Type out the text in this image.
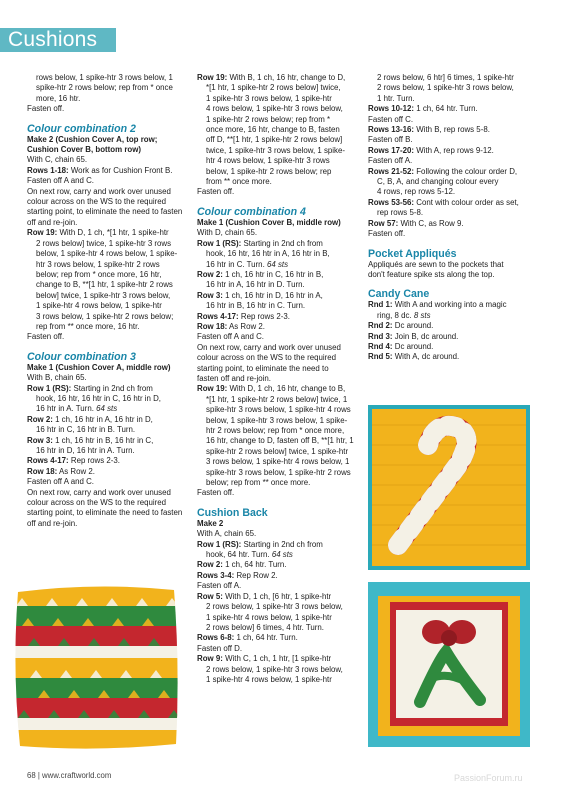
Cushions

rows below, 1 spike-htr 3 rows below, 1

spike-htr 2 rows below; rep from * once

more, 16 htr.

Fasten off.

Colour combination 2

Make 2 (Cushion Cover A, top row;

Cushion Cover B, bottom row)

With C, chain 65.

Rows 1-18: Work as for Cushion Front B.

Fasten off A and C.

On next row, carry and work over unused

colour across on the WS to the required

starting point, to eliminate the need to fasten

off and re-join.

Row 19: With D, 1 ch, *[1 htr, 1 spike-htr

2 rows below] twice, 1 spike-htr 3 rows

below, 1 spike-htr 4 rows below, 1 spike-

htr 3 rows below, 1 spike-htr 2 rows

below; rep from * once more, 16 htr,

change to B, **[1 htr, 1 spike-htr 2 rows

below] twice, 1 spike-htr 3 rows below,

1 spike-htr 4 rows below, 1 spike-htr

3 rows below, 1 spike-htr 2 rows below;

rep from ** once more, 16 htr.

Fasten off.

Colour combination 3

Make 1 (Cushion Cover A, middle row)

With B, chain 65.

Row 1 (RS): Starting in 2nd ch from

hook, 16 htr, 16 htr in C, 16 htr in D,

16 htr in A. Turn. 64 sts

Row 2: 1 ch, 16 htr in A, 16 htr in D,

16 htr in C, 16 htr in B. Turn.

Row 3: 1 ch, 16 htr in B, 16 htr in C,

16 htr in D, 16 htr in A. Turn.

Rows 4-17: Rep rows 2-3.

Row 18: As Row 2.

Fasten off A and C.

On next row, carry and work over unused

colour across on the WS to the required

starting point, to eliminate the need to fasten

off and re-join.

Row 19: With B, 1 ch, 16 htr, change to D,

*[1 htr, 1 spike-htr 2 rows below] twice,

1 spike-htr 3 rows below, 1 spike-htr

4 rows below, 1 spike-htr 3 rows below,

1 spike-htr 2 rows below; rep from *

once more, 16 htr, change to B, fasten

off D, **[1 htr, 1 spike-htr 2 rows below]

twice, 1 spike-htr 3 rows below, 1 spike-

htr 4 rows below, 1 spike-htr 3 rows

below, 1 spike-htr 2 rows below; rep

from ** once more.

Fasten off.

Colour combination 4

Make 1 (Cushion Cover B, middle row)

With D, chain 65.

Row 1 (RS): Starting in 2nd ch from

hook, 16 htr, 16 htr in A, 16 htr in B,

16 htr in C. Turn. 64 sts

Row 2: 1 ch, 16 htr in C, 16 htr in B,

16 htr in A, 16 htr in D. Turn.

Row 3: 1 ch, 16 htr in D, 16 htr in A,

16 htr in B, 16 htr in C. Turn.

Rows 4-17: Rep rows 2-3.

Row 18: As Row 2.

Fasten off A and C.

On next row, carry and work over unused

colour across on the WS to the required

starting point, to eliminate the need to

fasten off and re-join.

Row 19: With D, 1 ch, 16 htr, change to B,

*[1 htr, 1 spike-htr 2 rows below] twice, 1

spike-htr 3 rows below, 1 spike-htr 4 rows

below, 1 spike-htr 3 rows below, 1 spike-

htr 2 rows below; rep from * once more,

16 htr, change to D, fasten off B, **[1 htr, 1

spike-htr 2 rows below] twice, 1 spike-htr

3 rows below, 1 spike-htr 4 rows below, 1

spike-htr 3 rows below, 1 spike-htr 2 rows

below; rep from ** once more.

Fasten off.

Cushion Back

Make 2

With A, chain 65.

Row 1 (RS): Starting in 2nd ch from

hook, 64 htr. Turn. 64 sts

Row 2: 1 ch, 64 htr. Turn.

Rows 3-4: Rep Row 2.

Fasten off A.

Row 5: With D, 1 ch, [6 htr, 1 spike-htr

2 rows below, 1 spike-htr 3 rows below,

1 spike-htr 4 rows below, 1 spike-htr

2 rows below] 6 times, 4 htr. Turn.

Rows 6-8: 1 ch, 64 htr. Turn.

Fasten off D.

Row 9: With C, 1 ch, 1 htr, [1 spike-htr

2 rows below, 1 spike-htr 3 rows below,

1 spike-htr 4 rows below, 1 spike-htr

2 rows below, 6 htr] 6 times, 1 spike-htr

2 rows below, 1 spike-htr 3 rows below,

1 htr. Turn.

Rows 10-12: 1 ch, 64 htr. Turn.

Fasten off C.

Rows 13-16: With B, rep rows 5-8.

Fasten off B.

Rows 17-20: With A, rep rows 9-12.

Fasten off A.

Rows 21-52: Following the colour order D,

C, B, A, and changing colour every

4 rows, rep rows 5-12.

Rows 53-56: Cont with colour order as set,

rep rows 5-8.

Row 57: With C, as Row 9.

Fasten off.

Pocket Appliqués

Appliqués are sewn to the pockets that

don't feature spike sts along the top.

Candy Cane

Rnd 1: With A and working into a magic

ring, 8 dc. 8 sts

Rnd 2: Dc around.

Rnd 3: Join B, dc around.

Rnd 4: Dc around.

Rnd 5: With A, dc around.

68 | www.craftworld.com	PassionForum.ru
